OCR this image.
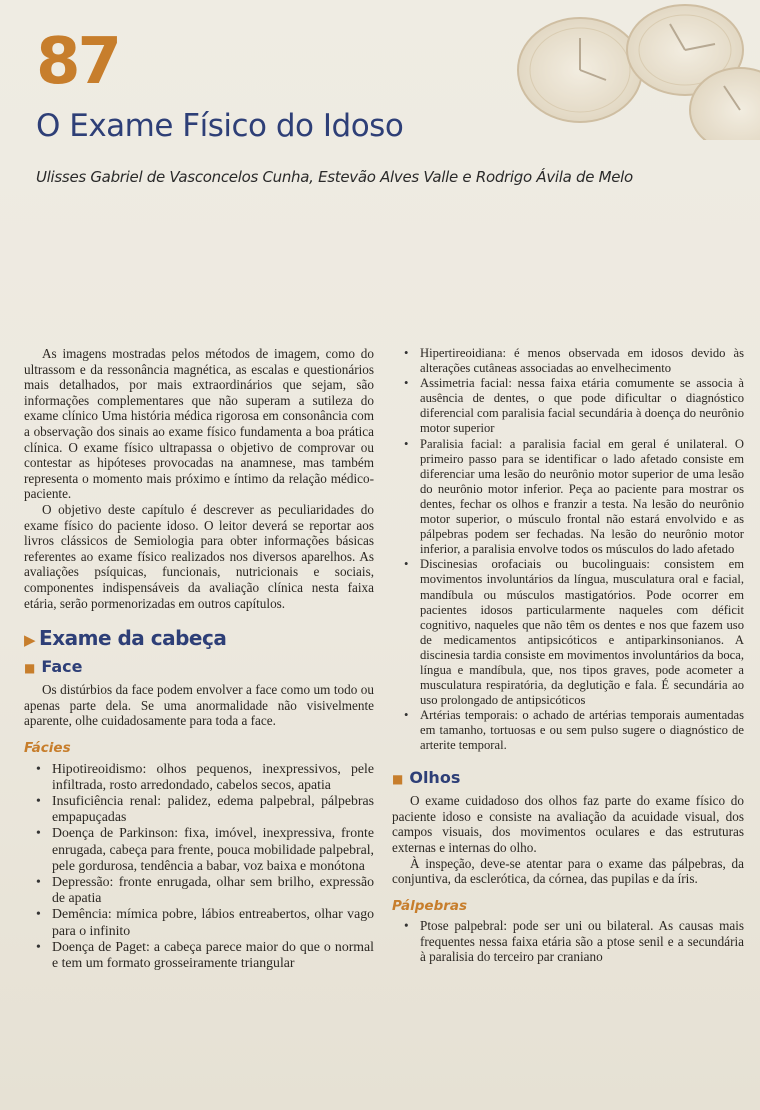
87
O Exame Físico do Idoso
Ulisses Gabriel de Vasconcelos Cunha, Estevão Alves Valle e Rodrigo Ávila de Melo

As imagens mostradas pelos métodos de imagem, como do ultrassom e da ressonância magnética, as escalas e questionários mais detalhados, por mais extraordinários que sejam, são informações complementares que não superam a sutileza do exame clínico Uma história médica rigorosa em consonância com a observação dos sinais ao exame físico fundamenta a boa prática clínica. O exame físico ultrapassa o objetivo de comprovar ou contestar as hipóteses provocadas na anamnese, mas também representa o momento mais próximo e íntimo da relação médico-paciente.

O objetivo deste capítulo é descrever as peculiaridades do exame físico do paciente idoso. O leitor deverá se reportar aos livros clássicos de Semiologia para obter informações básicas referentes ao exame físico realizados nos diversos aparelhos. As avaliações psíquicas, funcionais, nutricionais e sociais, componentes indispensáveis da avaliação clínica nesta faixa etária, serão pormenorizadas em outros capítulos.

▶ Exame da cabeça
■ Face

Os distúrbios da face podem envolver a face como um todo ou apenas parte dela. Se uma anormalidade não visivelmente aparente, olhe cuidadosamente para toda a face.

Fácies
• Hipotireoidismo: olhos pequenos, inexpressivos, pele infiltrada, rosto arredondado, cabelos secos, apatia
• Insuficiência renal: palidez, edema palpebral, pálpebras empapuçadas
• Doença de Parkinson: fixa, imóvel, inexpressiva, fronte enrugada, cabeça para frente, pouca mobilidade palpebral, pele gordurosa, tendência a babar, voz baixa e monótona
• Depressão: fronte enrugada, olhar sem brilho, expressão de apatia
• Demência: mímica pobre, lábios entreabertos, olhar vago para o infinito
• Doença de Paget: a cabeça parece maior do que o normal e tem um formato grosseiramente triangular
• Hipertireoidiana: é menos observada em idosos devido às alterações cutâneas associadas ao envelhecimento
• Assimetria facial: nessa faixa etária comumente se associa à ausência de dentes, o que pode dificultar o diagnóstico diferencial com paralisia facial secundária à doença do neurônio motor superior
• Paralisia facial: a paralisia facial em geral é unilateral. O primeiro passo para se identificar o lado afetado consiste em diferenciar uma lesão do neurônio motor superior de uma lesão do neurônio motor inferior. Peça ao paciente para mostrar os dentes, fechar os olhos e franzir a testa. Na lesão do neurônio motor superior, o músculo frontal não estará envolvido e as pálpebras podem ser fechadas. Na lesão do neurônio motor inferior, a paralisia envolve todos os músculos do lado afetado
• Discinesias orofaciais ou bucolinguais: consistem em movimentos involuntários da língua, musculatura oral e facial, mandíbula ou músculos mastigatórios. Pode ocorrer em pacientes idosos particularmente naqueles com déficit cognitivo, naqueles que não têm os dentes e nos que fazem uso de medicamentos antipsicóticos e antiparkinsonianos. A discinesia tardia consiste em movimentos involuntários da boca, língua e mandíbula, que, nos tipos graves, pode acometer a musculatura respiratória, da deglutição e fala. É secundária ao uso prolongado de antipsicóticos
• Artérias temporais: o achado de artérias temporais aumentadas em tamanho, tortuosas e ou sem pulso sugere o diagnóstico de arterite temporal.
■ Olhos

O exame cuidadoso dos olhos faz parte do exame físico do paciente idoso e consiste na avaliação da acuidade visual, dos campos visuais, dos movimentos oculares e das estruturas externas e internas do olho.

À inspeção, deve-se atentar para o exame das pálpebras, da conjuntiva, da esclerótica, da córnea, das pupilas e da íris.

Pálpebras
• Ptose palpebral: pode ser uni ou bilateral. As causas mais frequentes nessa faixa etária são a ptose senil e a secundária à paralisia do terceiro par craniano
